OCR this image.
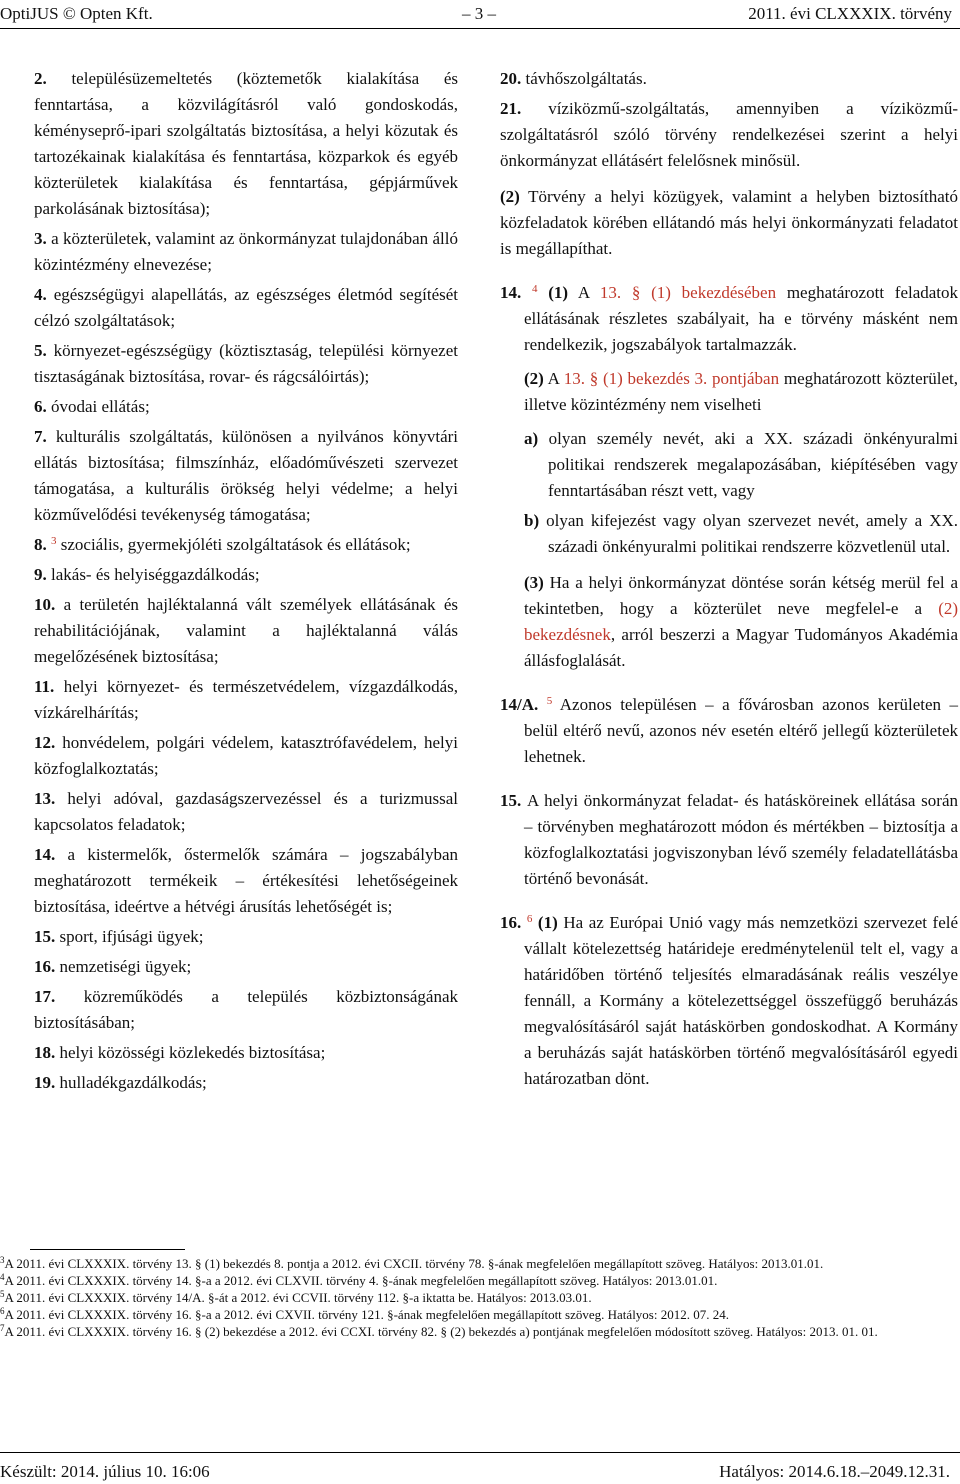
OptiJUS © Opten Kft.	– 3 –	2011. évi CLXXXIX. törvény
2. településüzemeltetés (köztemetők kialakítása és fenntartása, a közvilágításról való gondoskodás, kéményseprő-ipari szolgáltatás biztosítása, a helyi közutak és tartozékainak kialakítása és fenntartása, közparkok és egyéb közterületek kialakítása és fenntartása, gépjárművek parkolásának biztosítása);
3. a közterületek, valamint az önkormányzat tulajdonában álló közintézmény elnevezése;
4. egészségügyi alapellátás, az egészséges életmód segítését célzó szolgáltatások;
5. környezet-egészségügy (köztisztaság, települési környezet tisztaságának biztosítása, rovar- és rágcsálóirtás);
6. óvodai ellátás;
7. kulturális szolgáltatás, különösen a nyilvános könyvtári ellátás biztosítása; filmszínház, előadóművészeti szervezet támogatása, a kulturális örökség helyi védelme; a helyi közművelődési tevékenység támogatása;
8. $^3$ szociális, gyermekjóléti szolgáltatások és ellátások;
9. lakás- és helyiséggazdálkodás;
10. a területén hajléktalanná vált személyek ellátásának és rehabilitációjának, valamint a hajléktalanná válás megelőzésének biztosítása;
11. helyi környezet- és természetvédelem, vízgazdálkodás, vízkárelhárítás;
12. honvédelem, polgári védelem, katasztrófavédelem, helyi közfoglalkoztatás;
13. helyi adóval, gazdaságszervezéssel és a turizmussal kapcsolatos feladatok;
14. a kistermelők, őstermelők számára – jogszabályban meghatározott termékeik – értékesítési lehetőségeinek biztosítása, ideértve a hétvégi árusítás lehetőségét is;
15. sport, ifjúsági ügyek;
16. nemzetiségi ügyek;
17. közreműködés a település közbiztonságának biztosításában;
18. helyi közösségi közlekedés biztosítása;
19. hulladékgazdálkodás;
20. távhőszolgáltatás.
21. víziközmű-szolgáltatás, amennyiben a víziközmű-szolgáltatásról szóló törvény rendelkezései szerint a helyi önkormányzat ellátásért felelősnek minősül.
(2) Törvény a helyi közügyek, valamint a helyben biztosítható közfeladatok körében ellátandó más helyi önkormányzati feladatot is megállapíthat.
14. $^4$ (1) A 13. § (1) bekezdésében meghatározott feladatok ellátásának részletes szabályait, ha e törvény másként nem rendelkezik, jogszabályok tartalmazzák.
(2) A 13. § (1) bekezdés 3. pontjában meghatározott közterület, illetve közintézmény nem viselheti
a) olyan személy nevét, aki a XX. századi önkényuralmi politikai rendszerek megalapozásában, kiépítésében vagy fenntartásában részt vett, vagy
b) olyan kifejezést vagy olyan szervezet nevét, amely a XX. századi önkényuralmi politikai rendszerre közvetlenül utal.
(3) Ha a helyi önkormányzat döntése során kétség merül fel a tekintetben, hogy a közterület neve megfelel-e a (2) bekezdésnek, arról beszerzi a Magyar Tudományos Akadémia állásfoglalását.
14/A. $^5$ Azonos településen – a fővárosban azonos kerületen – belül eltérő nevű, azonos név esetén eltérő jellegű közterületek lehetnek.
15. A helyi önkormányzat feladat- és hatásköreinek ellátása során – törvényben meghatározott módon és mértékben – biztosítja a közfoglalkoztatási jogviszonyban lévő személy feladatellátásba történő bevonását.
16. $^6$ (1) Ha az Európai Unió vagy más nemzetközi szervezet felé vállalt kötelezettség határideje eredménytelenül telt el, vagy a határidőben történő teljesítés elmaradásának reális veszélye fennáll, a Kormány a kötelezettséggel összefüggő beruházás megvalósításáról saját hatáskörben gondoskodhat. A Kormány a beruházás saját hatáskörben történő megvalósításáról egyedi határozatban dönt.
$^3$A 2011. évi CLXXXIX. törvény 13. § (1) bekezdés 8. pontja a 2012. évi CXCII. törvény 78. §-ának megfelelően megállapított szöveg. Hatályos: 2013.01.01.
$^4$A 2011. évi CLXXXIX. törvény 14. §-a a 2012. évi CLXVII. törvény 4. §-ának megfelelően megállapított szöveg. Hatályos: 2013.01.01.
$^5$A 2011. évi CLXXXIX. törvény 14/A. §-át a 2012. évi CCVII. törvény 112. §-a iktatta be. Hatályos: 2013.03.01.
$^6$A 2011. évi CLXXXIX. törvény 16. §-a a 2012. évi CXVII. törvény 121. §-ának megfelelően megállapított szöveg. Hatályos: 2012. 07. 24.
$^7$A 2011. évi CLXXXIX. törvény 16. § (2) bekezdése a 2012. évi CCXI. törvény 82. § (2) bekezdés a) pontjának megfelelően módosított szöveg. Hatályos: 2013. 01. 01.
Készült: 2014. július 10. 16:06	Hatályos: 2014.6.18.–2049.12.31.
